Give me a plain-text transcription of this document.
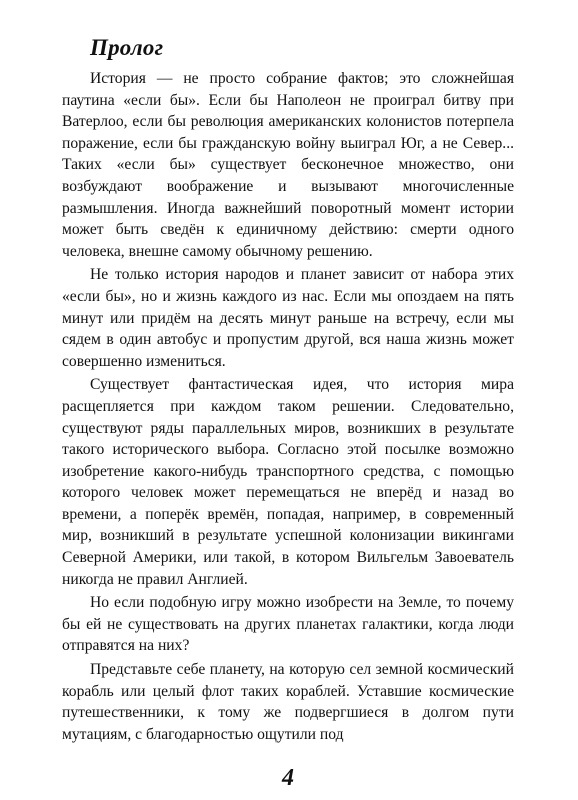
Пролог

История — не просто собрание фактов; это сложнейшая паутина «если бы». Если бы Наполеон не проиграл битву при Ватерлоо, если бы революция американских колонистов потерпела поражение, если бы гражданскую войну выиграл Юг, а не Север... Таких «если бы» существует бесконечное множество, они возбуждают воображение и вызывают многочисленные размышления. Иногда важнейший поворотный момент истории может быть сведён к единичному действию: смерти одного человека, внешне самому обычному решению.

Не только история народов и планет зависит от набора этих «если бы», но и жизнь каждого из нас. Если мы опоздаем на пять минут или придём на десять минут раньше на встречу, если мы сядем в один автобус и пропустим другой, вся наша жизнь может совершенно измениться.

Существует фантастическая идея, что история мира расщепляется при каждом таком решении. Следовательно, существуют ряды параллельных миров, возникших в результате такого исторического выбора. Согласно этой посылке возможно изобретение какого-нибудь транспортного средства, с помощью которого человек может перемещаться не вперёд и назад во времени, а поперёк времён, попадая, например, в современный мир, возникший в результате успешной колонизации викингами Северной Америки, или такой, в котором Вильгельм Завоеватель никогда не правил Англией.

Но если подобную игру можно изобрести на Земле, то почему бы ей не существовать на других планетах галактики, когда люди отправятся на них?

Представьте себе планету, на которую сел земной космический корабль или целый флот таких кораблей. Уставшие космические путешественники, к тому же подвергшиеся в долгом пути мутациям, с благодарностью ощутили под

4
